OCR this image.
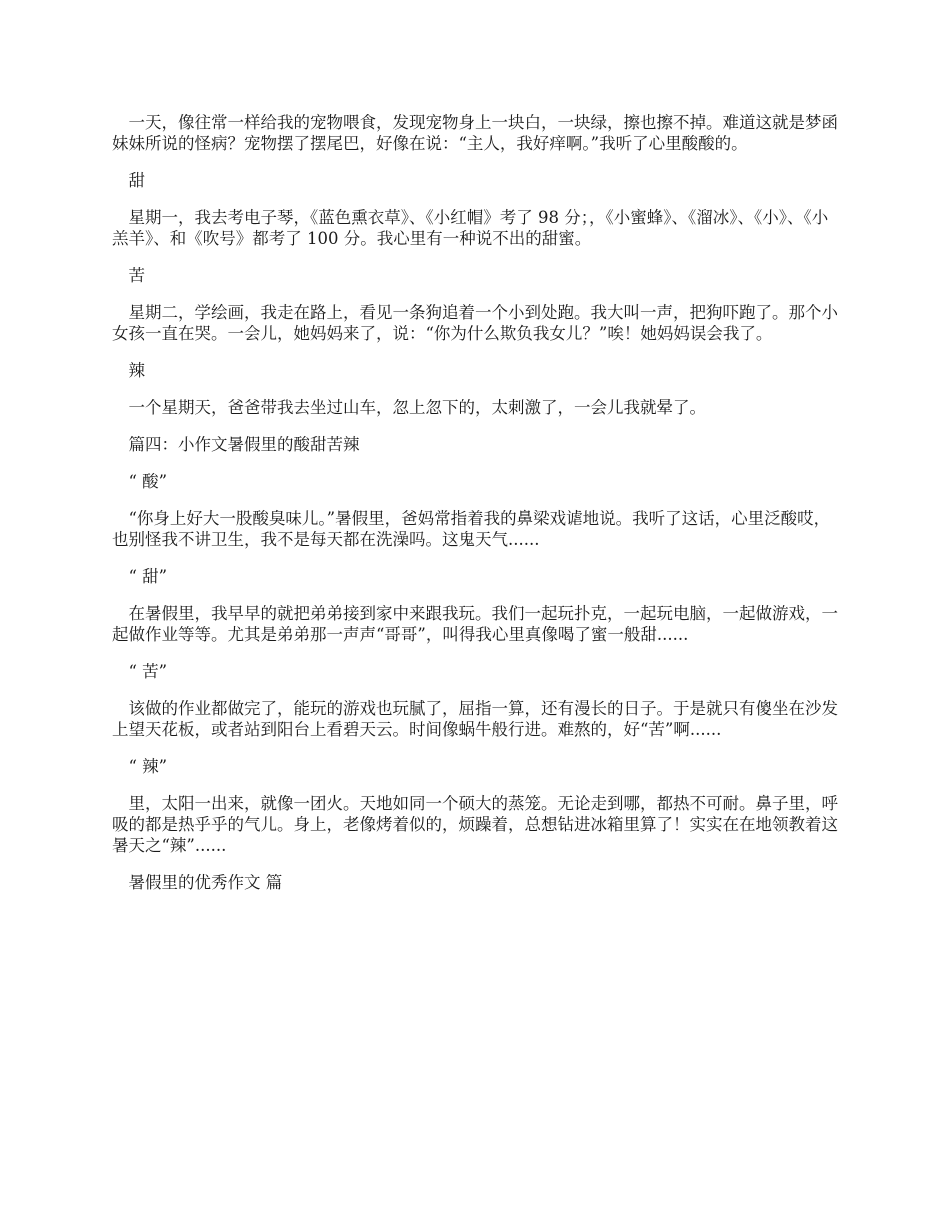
　一天，像往常一样给我的宠物喂食，发现宠物身上一块白，一块绿，擦也擦不掉。难道这就是梦函妹妹所说的怪病？宠物摆了摆尾巴，好像在说：“主人，我好痒啊。”我听了心里酸酸的。

　甜

　星期一，我去考电子琴，《蓝色熏衣草》、《小红帽》考了 98 分；，《小蜜蜂》、《溜冰》、《小》、《小羔羊》、和《吹号》都考了 100 分。我心里有一种说不出的甜蜜。

　苦

　星期二，学绘画，我走在路上，看见一条狗追着一个小到处跑。我大叫一声，把狗吓跑了。那个小女孩一直在哭。一会儿，她妈妈来了，说：“你为什么欺负我女儿？”唉！她妈妈误会我了。

　辣

　一个星期天，爸爸带我去坐过山车，忽上忽下的，太刺激了，一会儿我就晕了。

　篇四：小作文暑假里的酸甜苦辣

　“ 酸”

　“你身上好大一股酸臭味儿。”暑假里，爸妈常指着我的鼻梁戏谑地说。我听了这话，心里泛酸哎，也别怪我不讲卫生，我不是每天都在洗澡吗。这鬼天气......

　“ 甜”

　在暑假里，我早早的就把弟弟接到家中来跟我玩。我们一起玩扑克，一起玩电脑，一起做游戏，一起做作业等等。尤其是弟弟那一声声“哥哥”，叫得我心里真像喝了蜜一般甜......

　“ 苦”

　该做的作业都做完了，能玩的游戏也玩腻了，屈指一算，还有漫长的日子。于是就只有傻坐在沙发上望天花板，或者站到阳台上看碧天云。时间像蜗牛般行进。难熬的，好“苦”啊......

　“ 辣”

　里，太阳一出来，就像一团火。天地如同一个硕大的蒸笼。无论走到哪，都热不可耐。鼻子里，呼吸的都是热乎乎的气儿。身上，老像烤着似的，烦躁着，总想钻进冰箱里算了！实实在在地领教着这暑天之“辣”......

　暑假里的优秀作文 篇
